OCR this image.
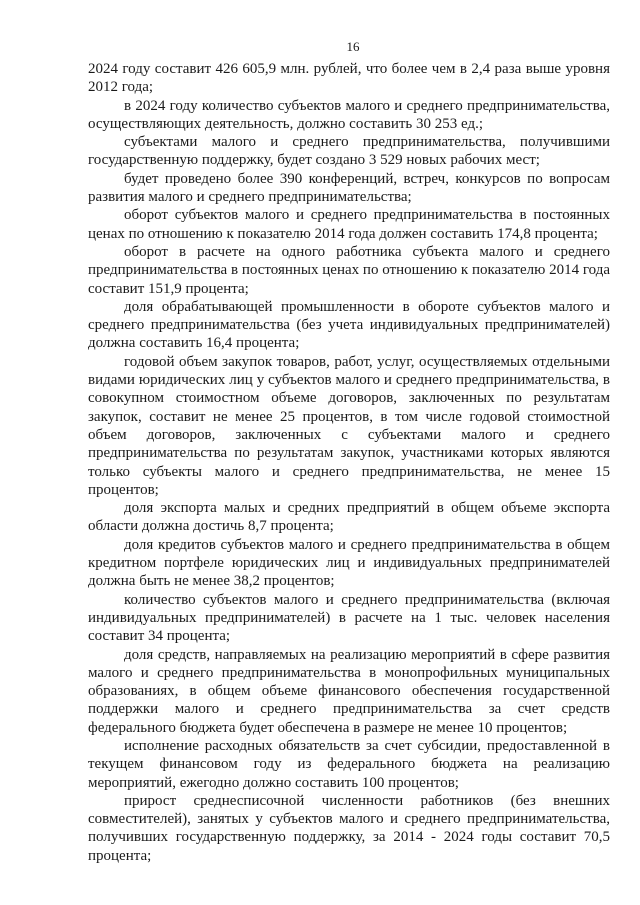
16

2024 году составит 426 605,9 млн. рублей, что более чем в 2,4 раза выше уровня 2012 года;

в 2024 году количество субъектов малого и среднего предпринимательства, осуществляющих деятельность, должно составить 30 253 ед.;

субъектами малого и среднего предпринимательства, получившими государственную поддержку, будет создано 3 529 новых рабочих мест;

будет проведено более 390 конференций, встреч, конкурсов по вопросам развития малого и среднего предпринимательства;

оборот субъектов малого и среднего предпринимательства в постоянных ценах по отношению к показателю 2014 года должен составить 174,8 процента;

оборот в расчете на одного работника субъекта малого и среднего предпринимательства в постоянных ценах по отношению к показателю 2014 года составит 151,9 процента;

доля обрабатывающей промышленности в обороте субъектов малого и среднего предпринимательства (без учета индивидуальных предпринимателей) должна составить 16,4 процента;

годовой объем закупок товаров, работ, услуг, осуществляемых отдельными видами юридических лиц у субъектов малого и среднего предпринимательства, в совокупном стоимостном объеме договоров, заключенных по результатам закупок, составит не менее 25 процентов, в том числе годовой стоимостной объем договоров, заключенных с субъектами малого и среднего предпринимательства по результатам закупок, участниками которых являются только субъекты малого и среднего предпринимательства, не менее 15 процентов;

доля экспорта малых и средних предприятий в общем объеме экспорта области должна достичь 8,7 процента;

доля кредитов субъектов малого и среднего предпринимательства в общем кредитном портфеле юридических лиц и индивидуальных предпринимателей должна быть не менее 38,2 процентов;

количество субъектов малого и среднего предпринимательства (включая индивидуальных предпринимателей) в расчете на 1 тыс. человек населения составит 34 процента;

доля средств, направляемых на реализацию мероприятий в сфере развития малого и среднего предпринимательства в монопрофильных муниципальных образованиях, в общем объеме финансового обеспечения государственной поддержки малого и среднего предпринимательства за счет средств федерального бюджета будет обеспечена в размере не менее 10 процентов;

исполнение расходных обязательств за счет субсидии, предоставленной в текущем финансовом году из федерального бюджета на реализацию мероприятий, ежегодно должно составить 100 процентов;

прирост среднесписочной численности работников (без внешних совместителей), занятых у субъектов малого и среднего предпринимательства, получивших государственную поддержку, за 2014 - 2024 годы составит 70,5 процента;
